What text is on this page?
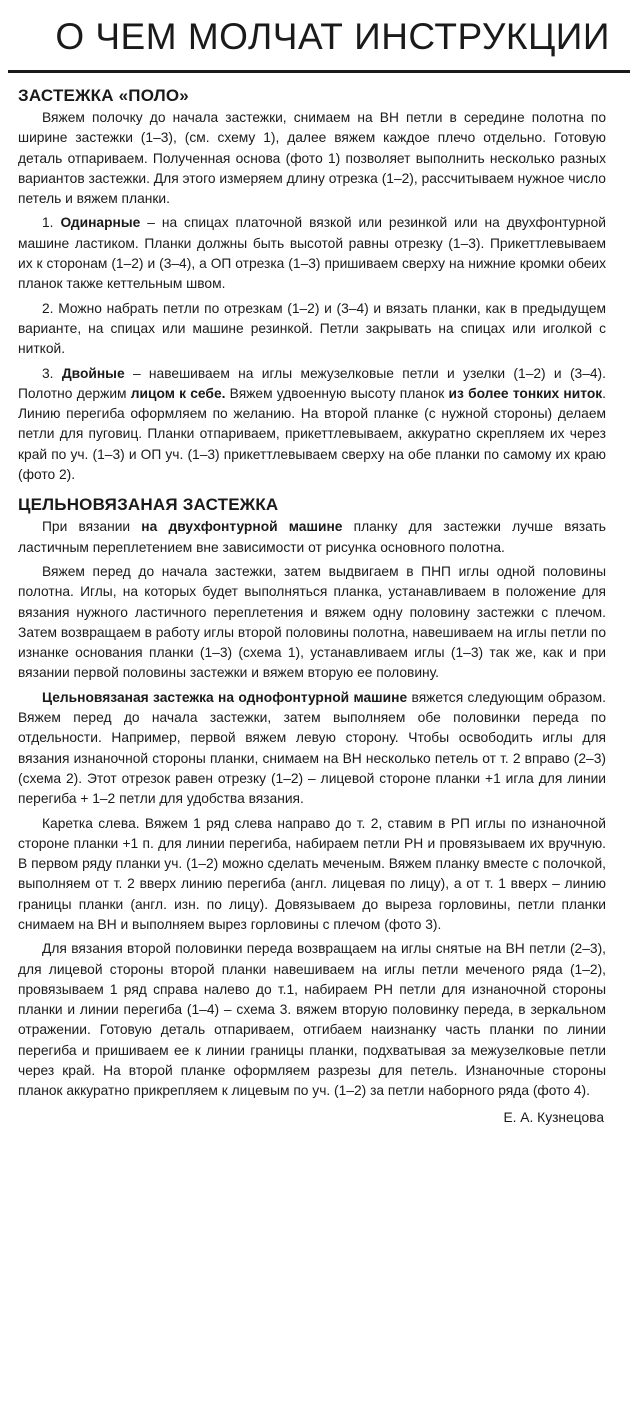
О ЧЕМ МОЛЧАТ ИНСТРУКЦИИ
ЗАСТЕЖКА «ПОЛО»

Вяжем полочку до начала застежки, снимаем на ВН петли в середине полотна по ширине застежки (1–3), (см. схему 1), далее вяжем каждое плечо отдельно. Готовую деталь отпариваем. Полученная основа (фото 1) позволяет выполнить несколько разных вариантов застежки. Для этого измеряем длину отрезка (1–2), рассчитываем нужное число петель и вяжем планки.

1. Одинарные – на спицах платочной вязкой или резинкой или на двухфонтурной машине ластиком. Планки должны быть высотой равны отрезку (1–3). Прикеттлевываем их к сторонам (1–2) и (3–4), а ОП отрезка (1–3) пришиваем сверху на нижние кромки обеих планок также кеттельным швом.

2. Можно набрать петли по отрезкам (1–2) и (3–4) и вязать планки, как в предыдущем варианте, на спицах или машине резинкой. Петли закрывать на спицах или иголкой с ниткой.

3. Двойные – навешиваем на иглы межузелковые петли и узелки (1–2) и (3–4). Полотно держим лицом к себе. Вяжем удвоенную высоту планок из более тонких ниток. Линию перегиба оформляем по желанию. На второй планке (с нужной стороны) делаем петли для пуговиц. Планки отпариваем, прикеттлевываем, аккуратно скрепляем их через край по уч. (1–3) и ОП уч. (1–3) прикеттлевываем сверху на обе планки по самому их краю (фото 2).

ЦЕЛЬНОВЯЗАНАЯ ЗАСТЕЖКА

При вязании на двухфонтурной машине планку для застежки лучше вязать ластичным переплетением вне зависимости от рисунка основного полотна.

Вяжем перед до начала застежки, затем выдвигаем в ПНП иглы одной половины полотна. Иглы, на которых будет выполняться планка, устанавливаем в положение для вязания нужного ластичного переплетения и вяжем одну половину застежки с плечом. Затем возвращаем в работу иглы второй половины полотна, навешиваем на иглы петли по изнанке основания планки (1–3) (схема 1), устанавливаем иглы (1–3) так же, как и при вязании первой половины застежки и вяжем вторую ее половину.

Цельновязаная застежка на однофонтурной машине вяжется следующим образом. Вяжем перед до начала застежки, затем выполняем обе половинки переда по отдельности. Например, первой вяжем левую сторону. Чтобы освободить иглы для вязания изнаночной стороны планки, снимаем на ВН несколько петель от т. 2 вправо (2–3) (схема 2). Этот отрезок равен отрезку (1–2) – лицевой стороне планки +1 игла для линии перегиба + 1–2 петли для удобства вязания.

Каретка слева. Вяжем 1 ряд слева направо до т. 2, ставим в РП иглы по изнаночной стороне планки +1 п. для линии перегиба, набираем петли РН и провязываем их вручную. В первом ряду планки уч. (1–2) можно сделать меченым. Вяжем планку вместе с полочкой, выполняем от т. 2 вверх линию перегиба (англ. лицевая по лицу), а от т. 1 вверх – линию границы планки (англ. изн. по лицу). Довязываем до выреза горловины, петли планки снимаем на ВН и выполняем вырез горловины с плечом (фото 3).

Для вязания второй половинки переда возвращаем на иглы снятые на ВН петли (2–3), для лицевой стороны второй планки навешиваем на иглы петли меченого ряда (1–2), провязываем 1 ряд справа налево до т.1, набираем РН петли для изнаночной стороны планки и линии перегиба (1–4) – схема 3. вяжем вторую половинку переда, в зеркальном отражении. Готовую деталь отпариваем, отгибаем наизнанку часть планки по линии перегиба и пришиваем ее к линии границы планки, подхватывая за межузелковые петли через край. На второй планке оформляем разрезы для петель. Изнаночные стороны планок аккуратно прикрепляем к лицевым по уч. (1–2) за петли наборного ряда (фото 4).

Е. А. Кузнецова
